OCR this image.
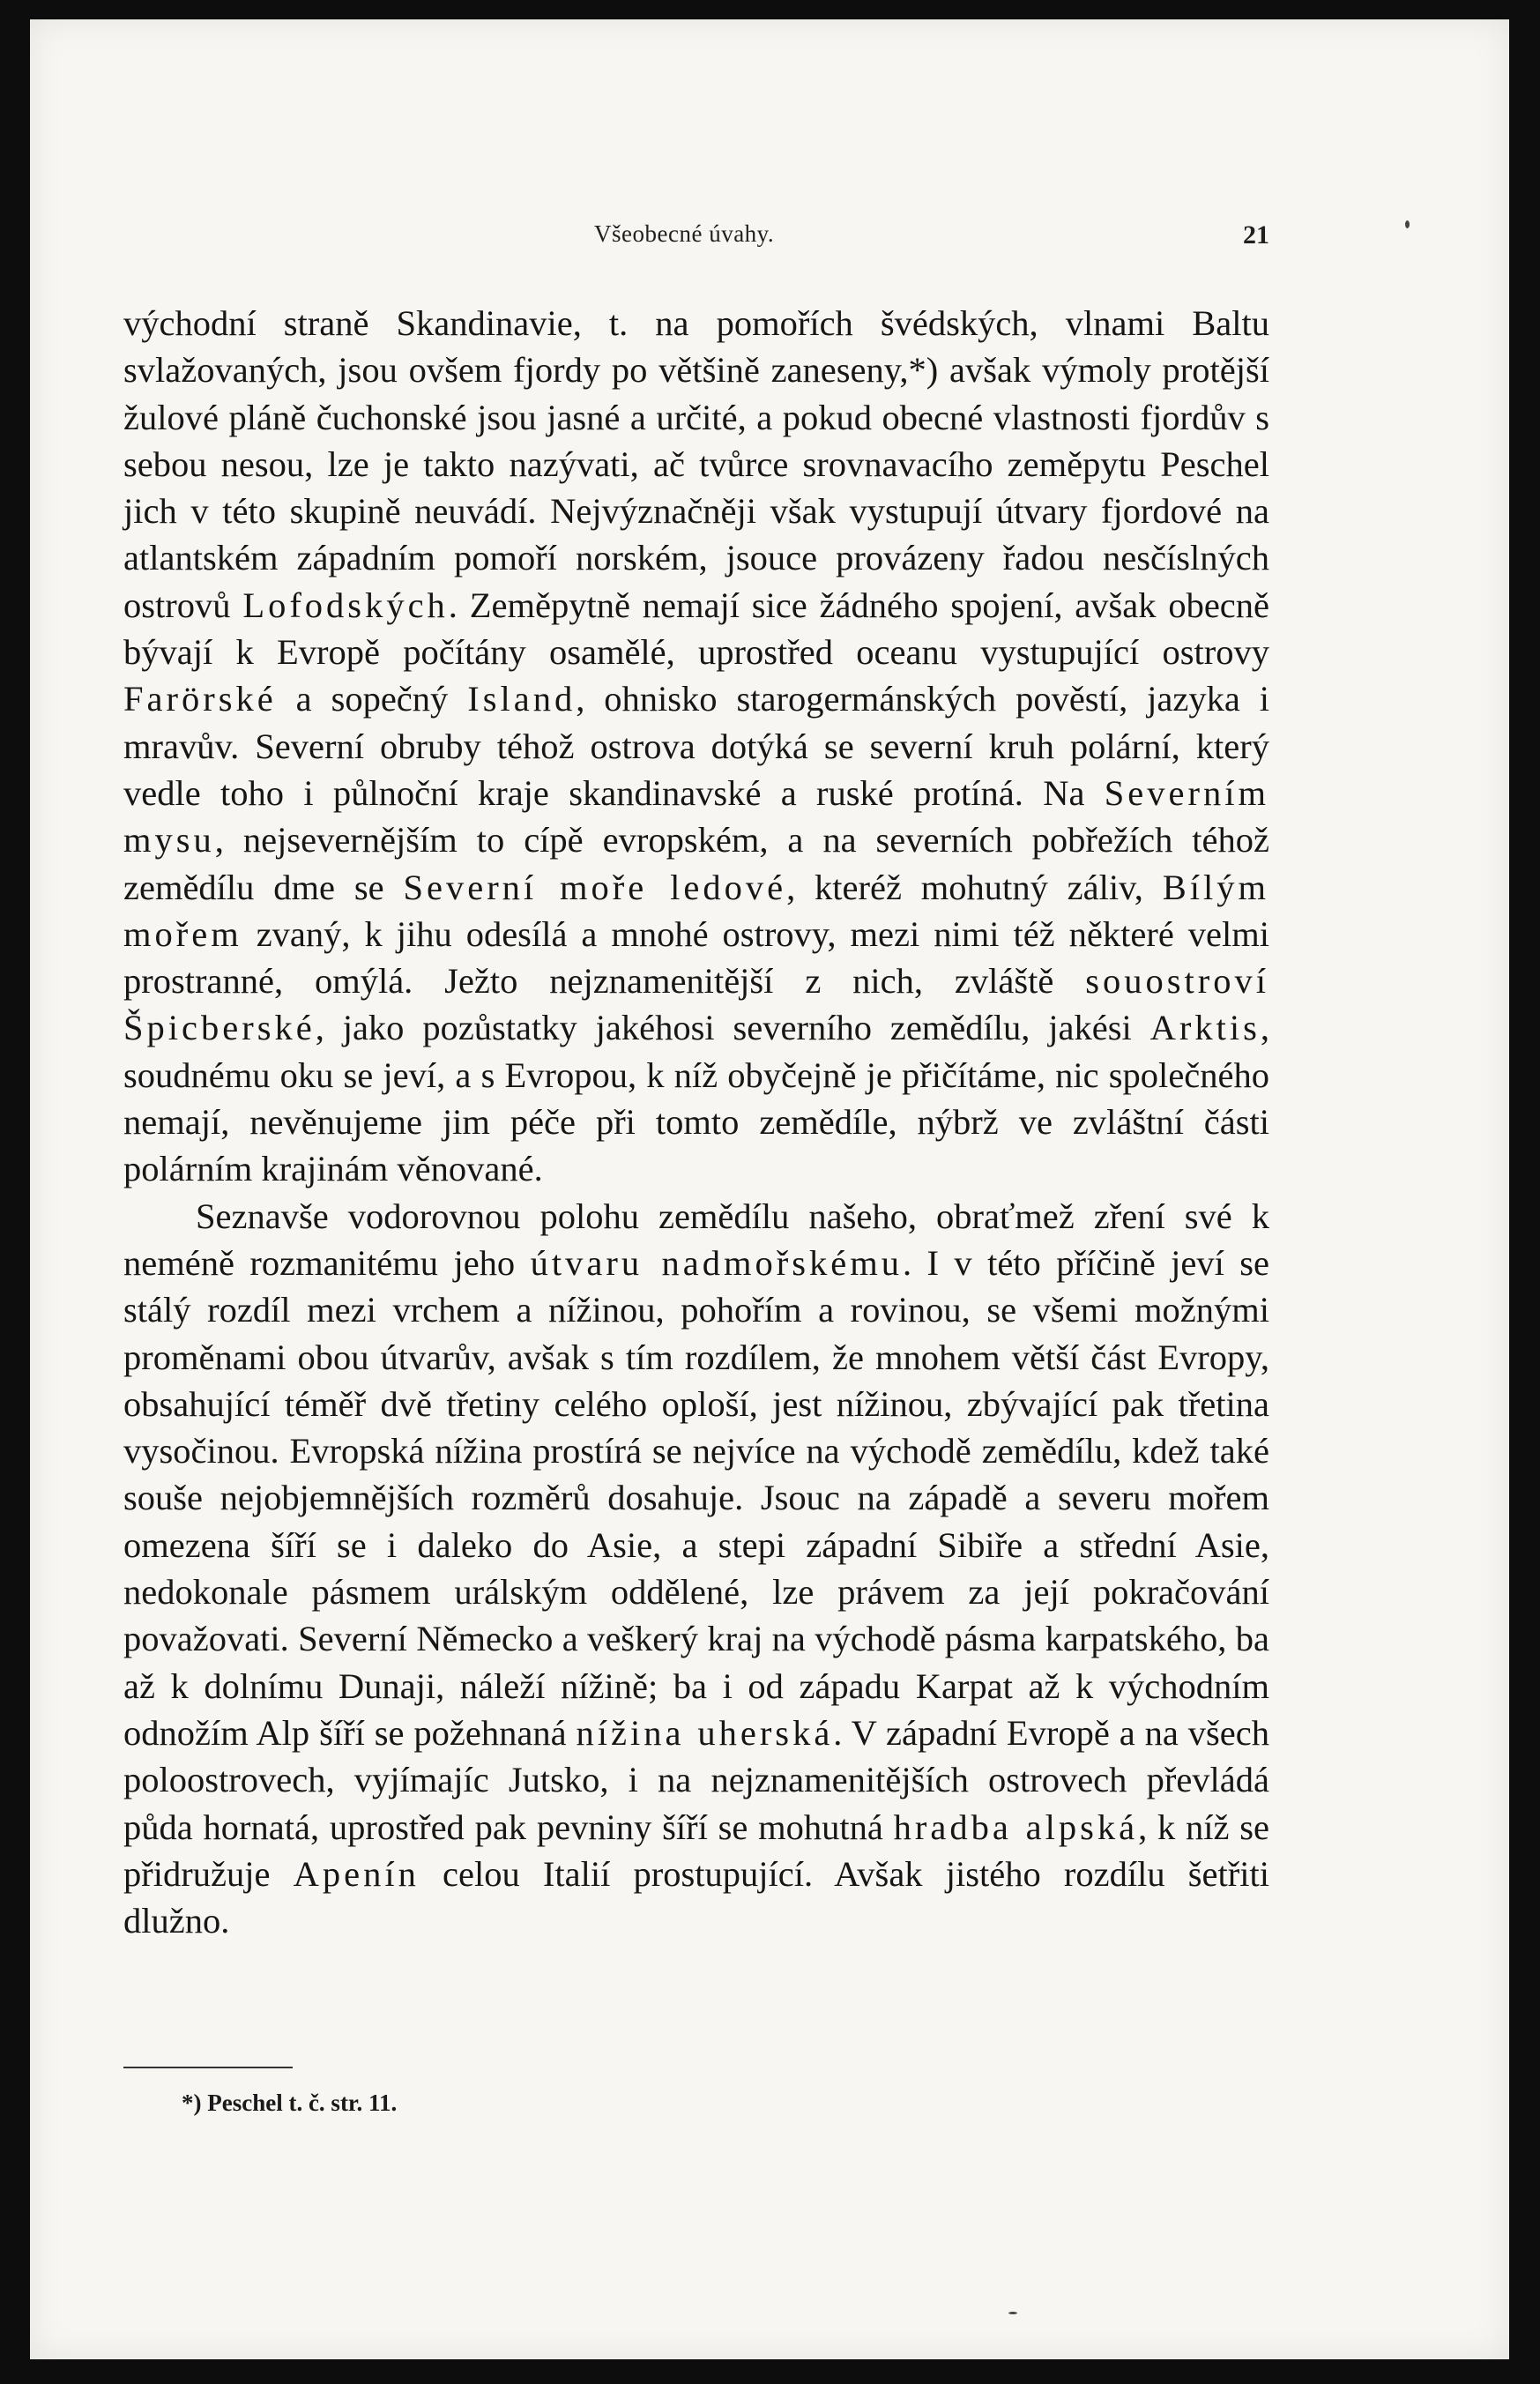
Všeobecné úvahy.	21

východní straně Skandinavie, t. na pomořích švédských, vlnami Baltu svlažovaných, jsou ovšem fjordy po většině zaneseny,*) avšak výmoly protější žulové pláně čuchonské jsou jasné a určité, a pokud obecné vlastnosti fjordův s sebou nesou, lze je takto nazývati, ač tvůrce srovnavacího zeměpytu Peschel jich v této skupině neuvádí. Nejvýznačněji však vystupují útvary fjordové na atlantském západním pomoří norském, jsouce provázeny řadou nesčíslných ostrovů Lofodských. Zeměpytně nemají sice žádného spojení, avšak obecně bývají k Evropě počítány osamělé, uprostřed oceanu vystupující ostrovy Farörské a sopečný Island, ohnisko starogermánských pověstí, jazyka i mravův. Severní obruby téhož ostrova dotýká se severní kruh polární, který vedle toho i půlnoční kraje skandinavské a ruské protíná. Na Severním mysu, nejsevernějším to cípě evropském, a na severních pobřežích téhož zemědílu dme se Severní moře ledové, kteréž mohutný záliv, Bílým mořem zvaný, k jihu odesílá a mnohé ostrovy, mezi nimi též některé velmi prostranné, omýlá. Ježto nejznamenitější z nich, zvláště souostroví Špicberské, jako pozůstatky jakéhosi severního zemědílu, jakési Arktis, soudnému oku se jeví, a s Evropou, k níž obyčejně je přičítáme, nic společného nemají, nevěnujeme jim péče při tomto zemědíle, nýbrž ve zvláštní části polárním krajinám věnované.

Seznavše vodorovnou polohu zemědílu našeho, obraťmež zření své k neméně rozmanitému jeho útvaru nadmořskému. I v této příčině jeví se stálý rozdíl mezi vrchem a nížinou, pohořím a rovinou, se všemi možnými proměnami obou útvarův, avšak s tím rozdílem, že mnohem větší část Evropy, obsahující téměř dvě třetiny celého oploší, jest nížinou, zbývající pak třetina vysočinou. Evropská nížina prostírá se nejvíce na východě zemědílu, kdež také souše nejobjemnějších rozměrů dosahuje. Jsouc na západě a severu mořem omezena šíří se i daleko do Asie, a stepi západní Sibiře a střední Asie, nedokonale pásmem urálským oddělené, lze právem za její pokračování považovati. Severní Německo a veškerý kraj na východě pásma karpatského, ba až k dolnímu Dunaji, náleží nížině; ba i od západu Karpat až k východním odnožím Alp šíří se požehnaná nížina uherská. V západní Evropě a na všech poloostrovech, vyjímajíc Jutsko, i na nejznamenitějších ostrovech převládá půda hornatá, uprostřed pak pevniny šíří se mohutná hradba alpská, k níž se přidružuje Apenín celou Italií prostupující. Avšak jistého rozdílu šetřiti dlužno.

*) Peschel t. č. str. 11.
